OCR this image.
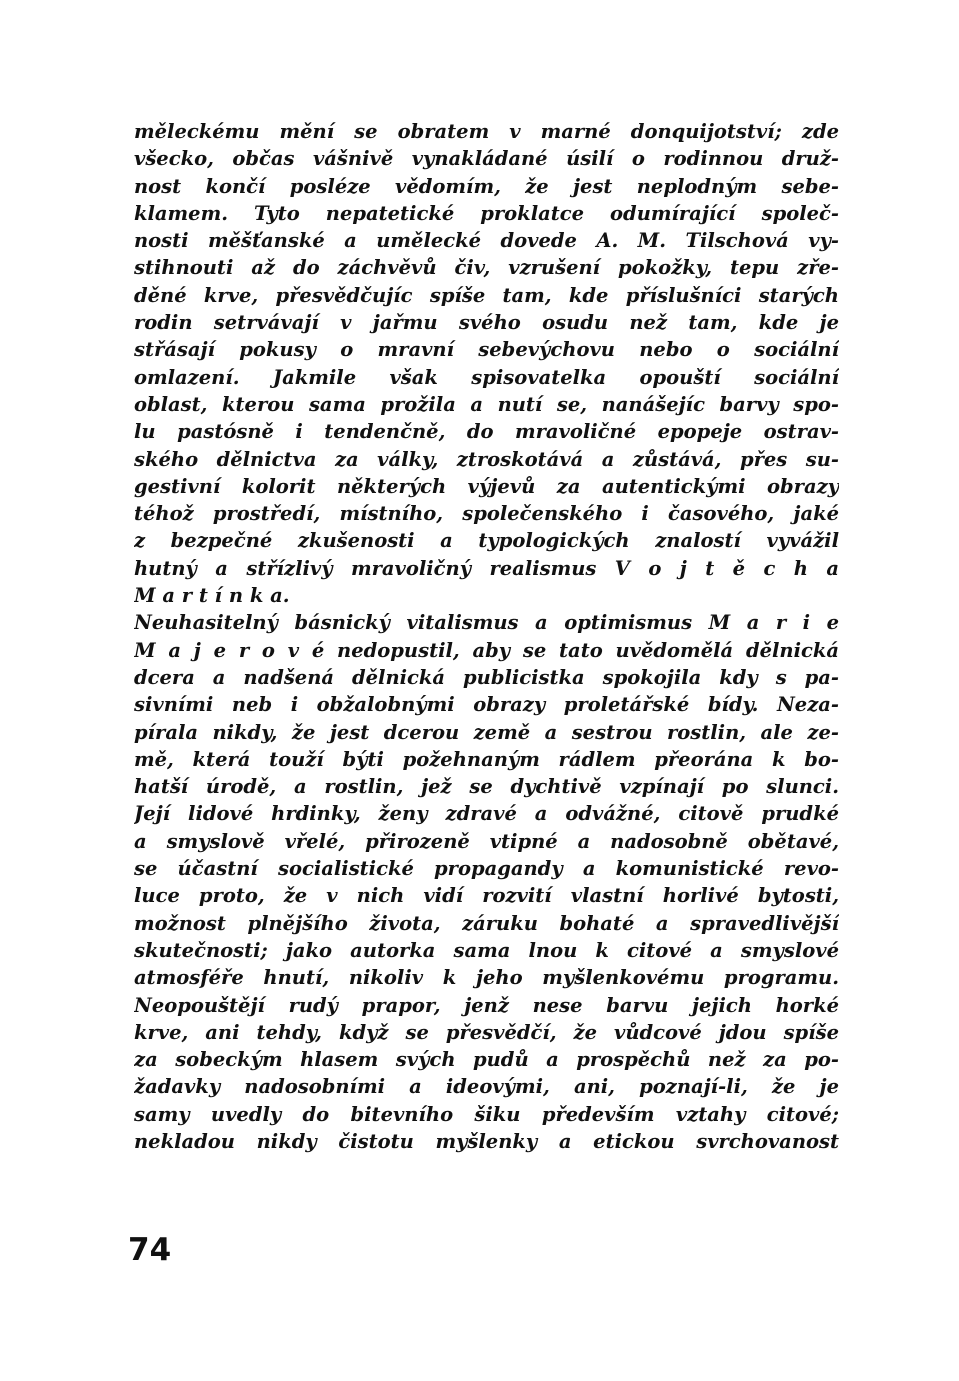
měleckému mění se obratem v marné donquijotství; zde
všecko, občas vášnivě vynakládané úsilí o rodinnou druž-
nost končí posléze vědomím, že jest neplodným sebe-
klamem. Tyto nepatetické proklatce odumírající společ-
nosti měšťanské a umělecké dovede A. M. Tilschová vy-
stihnouti až do záchvěvů čiv, vzrušení pokožky, tepu zře-
děné krve, přesvědčujíc spíše tam, kde příslušníci starých
rodin setrvávají v jařmu svého osudu než tam, kde je
střásají pokusy o mravní sebevýchovu nebo o sociální
omlazení. Jakmile však spisovatelka opouští sociální
oblast, kterou sama prožila a nutí se, nanášejíc barvy spo-
lu pastósně i tendenčně, do mravoličné epopeje ostrav-
ského dělnictva za války, ztroskotává a zůstává, přes su-
gestivní kolorit některých výjevů za autentickými obrazy
téhož prostředí, místního, společenského i časového, jaké
z bezpečné zkušenosti a typologických znalostí vyvážil
hutný a střízlivý mravoličný realismus V o j t ě c h a
M a r t í n k a.
Neuhasitelný básnický vitalismus a optimismus M a r i e
M a j e r o v é nedopustil, aby se tato uvědomělá dělnická
dcera a nadšená dělnická publicistka spokojila kdy s pa-
sivními neb i obžalobnými obrazy proletářské bídy. Neza-
pírala nikdy, že jest dcerou země a sestrou rostlin, ale ze-
mě, která touží býti požehnaným rádlem přeorána k bo-
hatší úrodě, a rostlin, jež se dychtivě vzpínají po slunci.
Její lidové hrdinky, ženy zdravé a odvážné, citově prudké
a smyslově vřelé, přirozeně vtipné a nadosobně obětavé,
se účastní socialistické propagandy a komunistické revo-
luce proto, že v nich vidí rozvití vlastní horlivé bytosti,
možnost plnějšího života, záruku bohaté a spravedlivější
skutečnosti; jako autorka sama lnou k citové a smyslové
atmosféře hnutí, nikoliv k jeho myšlenkovému programu.
Neopouštějí rudý prapor, jenž nese barvu jejich horké
krve, ani tehdy, když se přesvědčí, že vůdcové jdou spíše
za sobeckým hlasem svých pudů a prospěchů než za po-
žadavky nadosobními a ideovými, ani, poznají-li, že je
samy uvedly do bitevního šiku především vztahy citové;
nekladou nikdy čistotu myšlenky a etickou svrchovanost
74
